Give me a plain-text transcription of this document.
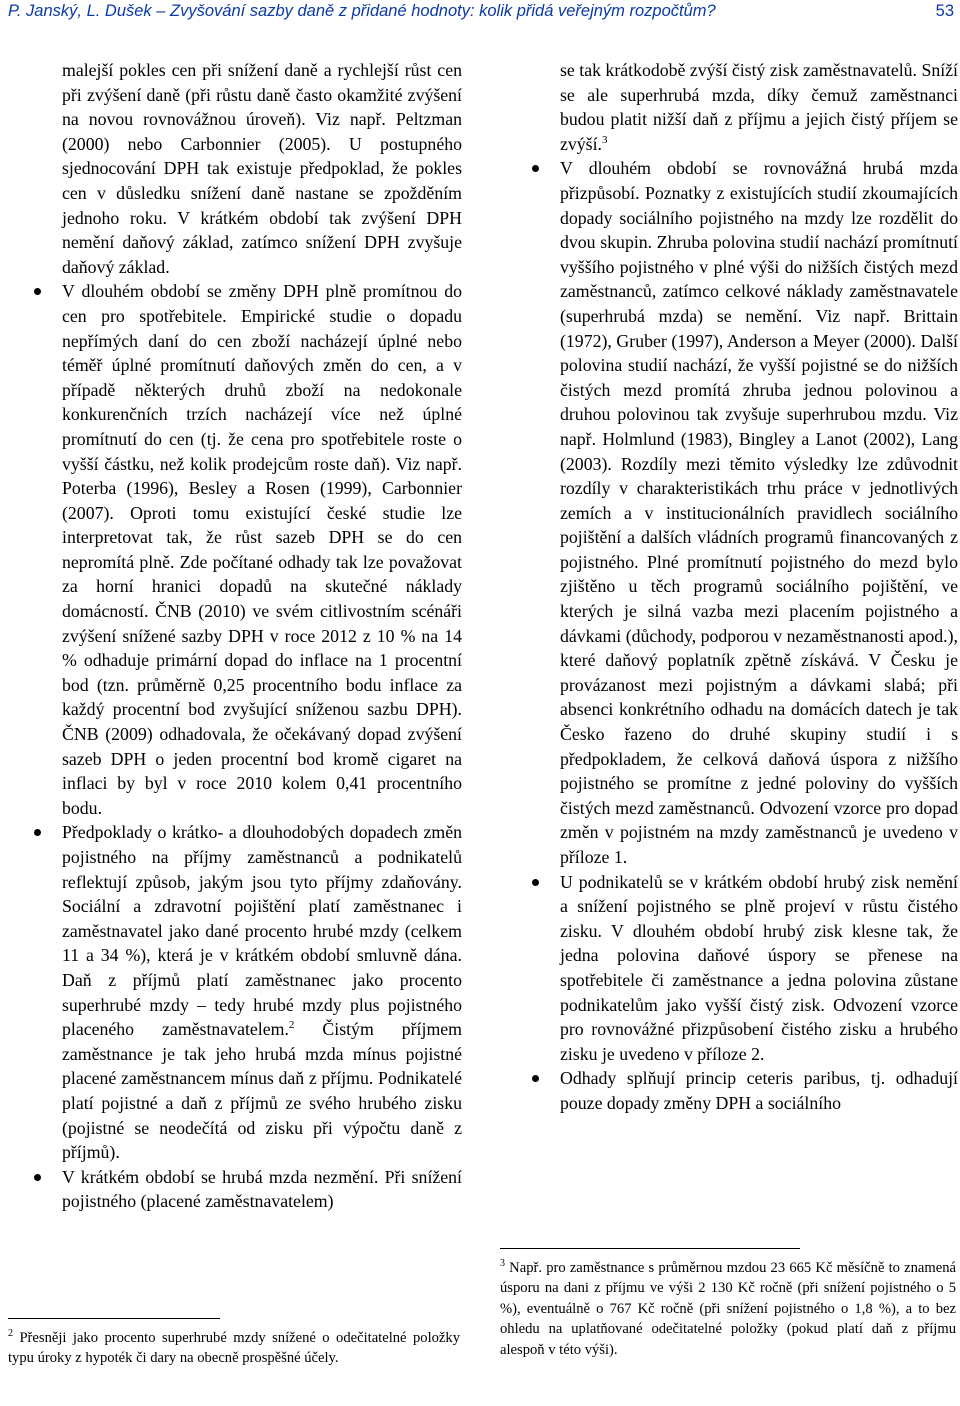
P. Janský, L. Dušek – Zvyšování sazby daně z přidané hodnoty: kolik přidá veřejným rozpočtům?	53

malejší pokles cen při snížení daně a rychlejší růst cen při zvýšení daně (při růstu daně často okamžité zvýšení na novou rovnovážnou úroveň). Viz např. Peltzman (2000) nebo Carbonnier (2005). U postupného sjednocování DPH tak existuje předpoklad, že pokles cen v důsledku snížení daně nastane se zpožděním jednoho roku. V krátkém období tak zvýšení DPH nemění daňový základ, zatímco snížení DPH zvyšuje daňový základ.

V dlouhém období se změny DPH plně promítnou do cen pro spotřebitele. Empirické studie o dopadu nepřímých daní do cen zboží nacházejí úplné nebo téměř úplné promítnutí daňových změn do cen, a v případě některých druhů zboží na nedokonale konkurenčních trzích nacházejí více než úplné promítnutí do cen (tj. že cena pro spotřebitele roste o vyšší částku, než kolik prodejcům roste daň). Viz např. Poterba (1996), Besley a Rosen (1999), Carbonnier (2007). Oproti tomu existující české studie lze interpretovat tak, že růst sazeb DPH se do cen nepromítá plně. Zde počítané odhady tak lze považovat za horní hranici dopadů na skutečné náklady domácností. ČNB (2010) ve svém citlivostním scénáři zvýšení snížené sazby DPH v roce 2012 z 10 % na 14 % odhaduje primární dopad do inflace na 1 procentní bod (tzn. průměrně 0,25 procentního bodu inflace za každý procentní bod zvyšující sníženou sazbu DPH). ČNB (2009) odhadovala, že očekávaný dopad zvýšení sazeb DPH o jeden procentní bod kromě cigaret na inflaci by byl v roce 2010 kolem 0,41 procentního bodu.
Předpoklady o krátko- a dlouhodobých dopadech změn pojistného na příjmy zaměstnanců a podnikatelů reflektují způsob, jakým jsou tyto příjmy zdaňovány. Sociální a zdravotní pojištění platí zaměstnanec i zaměstnavatel jako dané procento hrubé mzdy (celkem 11 a 34 %), která je v krátkém období smluvně dána. Daň z příjmů platí zaměstnanec jako procento superhrubé mzdy – tedy hrubé mzdy plus pojistného placeného zaměstnavatelem.$^2$ Čistým příjmem zaměstnance je tak jeho hrubá mzda mínus pojistné placené zaměstnancem mínus daň z příjmu. Podnikatelé platí pojistné a daň z příjmů ze svého hrubého zisku (pojistné se neodečítá od zisku při výpočtu daně z příjmů).
V krátkém období se hrubá mzda nezmění. Při snížení pojistného (placené zaměstnavatelem)

se tak krátkodobě zvýší čistý zisk zaměstnavatelů. Sníží se ale superhrubá mzda, díky čemuž zaměstnanci budou platit nižší daň z příjmu a jejich čistý příjem se zvýší.$^3$

V dlouhém období se rovnovážná hrubá mzda přizpůsobí. Poznatky z existujících studií zkoumajících dopady sociálního pojistného na mzdy lze rozdělit do dvou skupin. Zhruba polovina studií nachází promítnutí vyššího pojistného v plné výši do nižších čistých mezd zaměstnanců, zatímco celkové náklady zaměstnavatele (superhrubá mzda) se nemění. Viz např. Brittain (1972), Gruber (1997), Anderson a Meyer (2000). Další polovina studií nachází, že vyšší pojistné se do nižších čistých mezd promítá zhruba jednou polovinou a druhou polovinou tak zvyšuje superhrubou mzdu. Viz např. Holmlund (1983), Bingley a Lanot (2002), Lang (2003). Rozdíly mezi těmito výsledky lze zdůvodnit rozdíly v charakteristikách trhu práce v jednotlivých zemích a v institucionálních pravidlech sociálního pojištění a dalších vládních programů financovaných z pojistného. Plné promítnutí pojistného do mezd bylo zjištěno u těch programů sociálního pojištění, ve kterých je silná vazba mezi placením pojistného a dávkami (důchody, podporou v nezaměstnanosti apod.), které daňový poplatník zpětně získává. V Česku je provázanost mezi pojistným a dávkami slabá; při absenci konkrétního odhadu na domácích datech je tak Česko řazeno do druhé skupiny studií i s předpokladem, že celková daňová úspora z nižšího pojistného se promítne z jedné poloviny do vyšších čistých mezd zaměstnanců. Odvození vzorce pro dopad změn v pojistném na mzdy zaměstnanců je uvedeno v příloze 1.
U podnikatelů se v krátkém období hrubý zisk nemění a snížení pojistného se plně projeví v růstu čistého zisku. V dlouhém období hrubý zisk klesne tak, že jedna polovina daňové úspory se přenese na spotřebitele či zaměstnance a jedna polovina zůstane podnikatelům jako vyšší čistý zisk. Odvození vzorce pro rovnovážné přizpůsobení čistého zisku a hrubého zisku je uvedeno v příloze 2.
Odhady splňují princip ceteris paribus, tj. odhadují pouze dopady změny DPH a sociálního

$^2$ Přesněji jako procento superhrubé mzdy snížené o odečitatelné položky typu úroky z hypoték či dary na obecně prospěšné účely.

$^3$ Např. pro zaměstnance s průměrnou mzdou 23 665 Kč měsíčně to znamená úsporu na dani z příjmu ve výši 2 130 Kč ročně (při snížení pojistného o 5 %), eventuálně o 767 Kč ročně (při snížení pojistného o 1,8 %), a to bez ohledu na uplatňované odečitatelné položky (pokud platí daň z příjmu alespoň v této výši).
